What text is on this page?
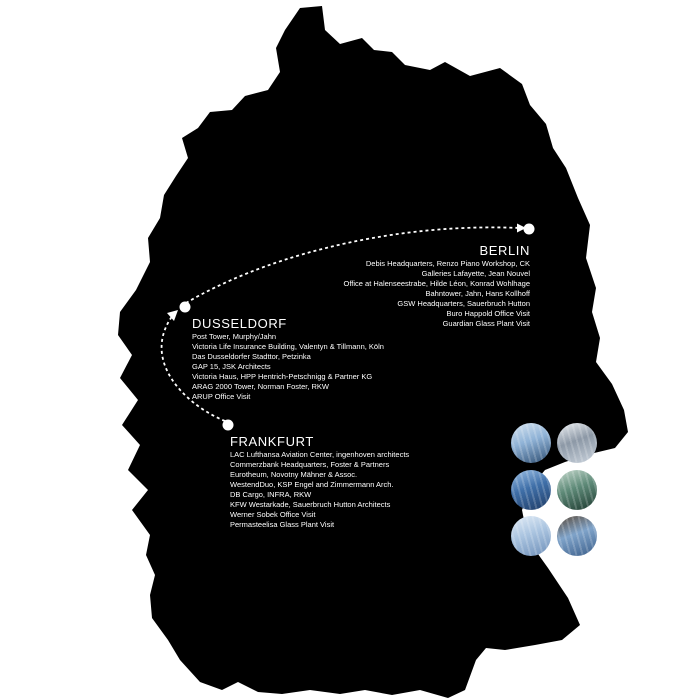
BERLIN
Debis Headquarters, Renzo Piano Workshop, CK
Galleries Lafayette, Jean Nouvel
Office at Halenseestrabe, Hilde Léon, Konrad Wohlhage
Bahntower, Jahn, Hans Kollhoff
GSW Headquarters, Sauerbruch Hutton
Buro Happold Office Visit
Guardian Glass Plant Visit
DUSSELDORF
Post Tower, Murphy/Jahn
Victoria Life Insurance Building, Valentyn & Tillmann, Köln
Das Dusseldorfer Stadttor, Petzinka
GAP 15, JSK Architects
Victoria Haus, HPP Hentrich-Petschnigg & Partner KG
ARAG 2000 Tower, Norman Foster, RKW
ARUP Office Visit
FRANKFURT
LAC Lufthansa Aviation Center, ingenhoven architects
Commerzbank Headquarters, Foster & Partners
Eurotheum, Novotny Mähner & Assoc.
WestendDuo, KSP Engel and Zimmermann Arch.
DB Cargo, INFRA, RKW
KFW Westarkade, Sauerbruch Hutton Architects
Werner Sobek Office Visit
Permasteelisa Glass Plant Visit
